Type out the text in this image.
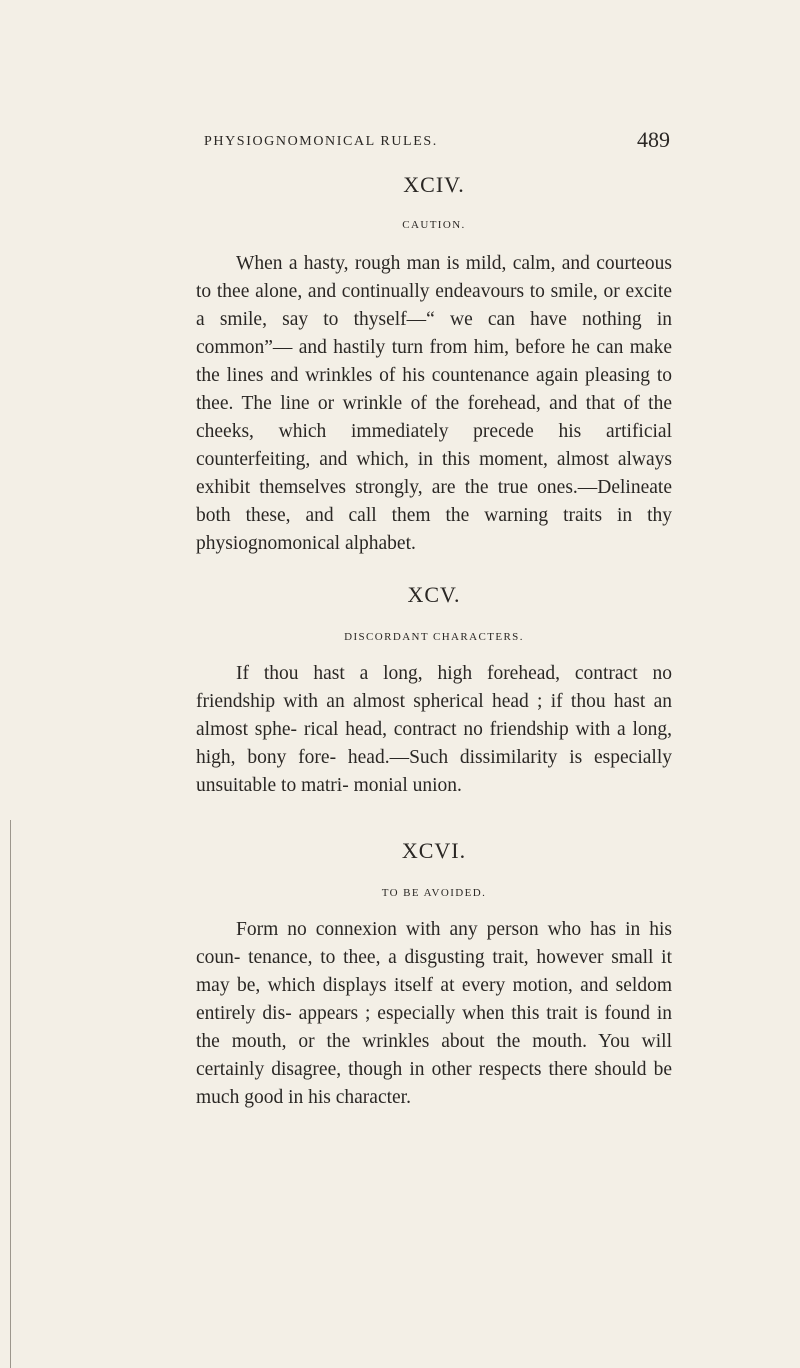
PHYSIOGNOMONICAL RULES.	489
XCIV.
CAUTION.

When a hasty, rough man is mild, calm, and courteous to thee alone, and continually endeavours to smile, or excite a smile, say to thyself—“ we can have nothing in common”— and hastily turn from him, before he can make the lines and wrinkles of his countenance again pleasing to thee. The line or wrinkle of the forehead, and that of the cheeks, which immediately precede his artificial counterfeiting, and which, in this moment, almost always exhibit themselves strongly, are the true ones.—Delineate both these, and call them the warning traits in thy physiognomonical alphabet.

XCV.
DISCORDANT CHARACTERS.

If thou hast a long, high forehead, contract no friendship with an almost spherical head ; if thou hast an almost sphe- rical head, contract no friendship with a long, high, bony fore- head.—Such dissimilarity is especially unsuitable to matri- monial union.

XCVI.
TO BE AVOIDED.

Form no connexion with any person who has in his coun- tenance, to thee, a disgusting trait, however small it may be, which displays itself at every motion, and seldom entirely dis- appears ; especially when this trait is found in the mouth, or the wrinkles about the mouth. You will certainly disagree, though in other respects there should be much good in his character.
